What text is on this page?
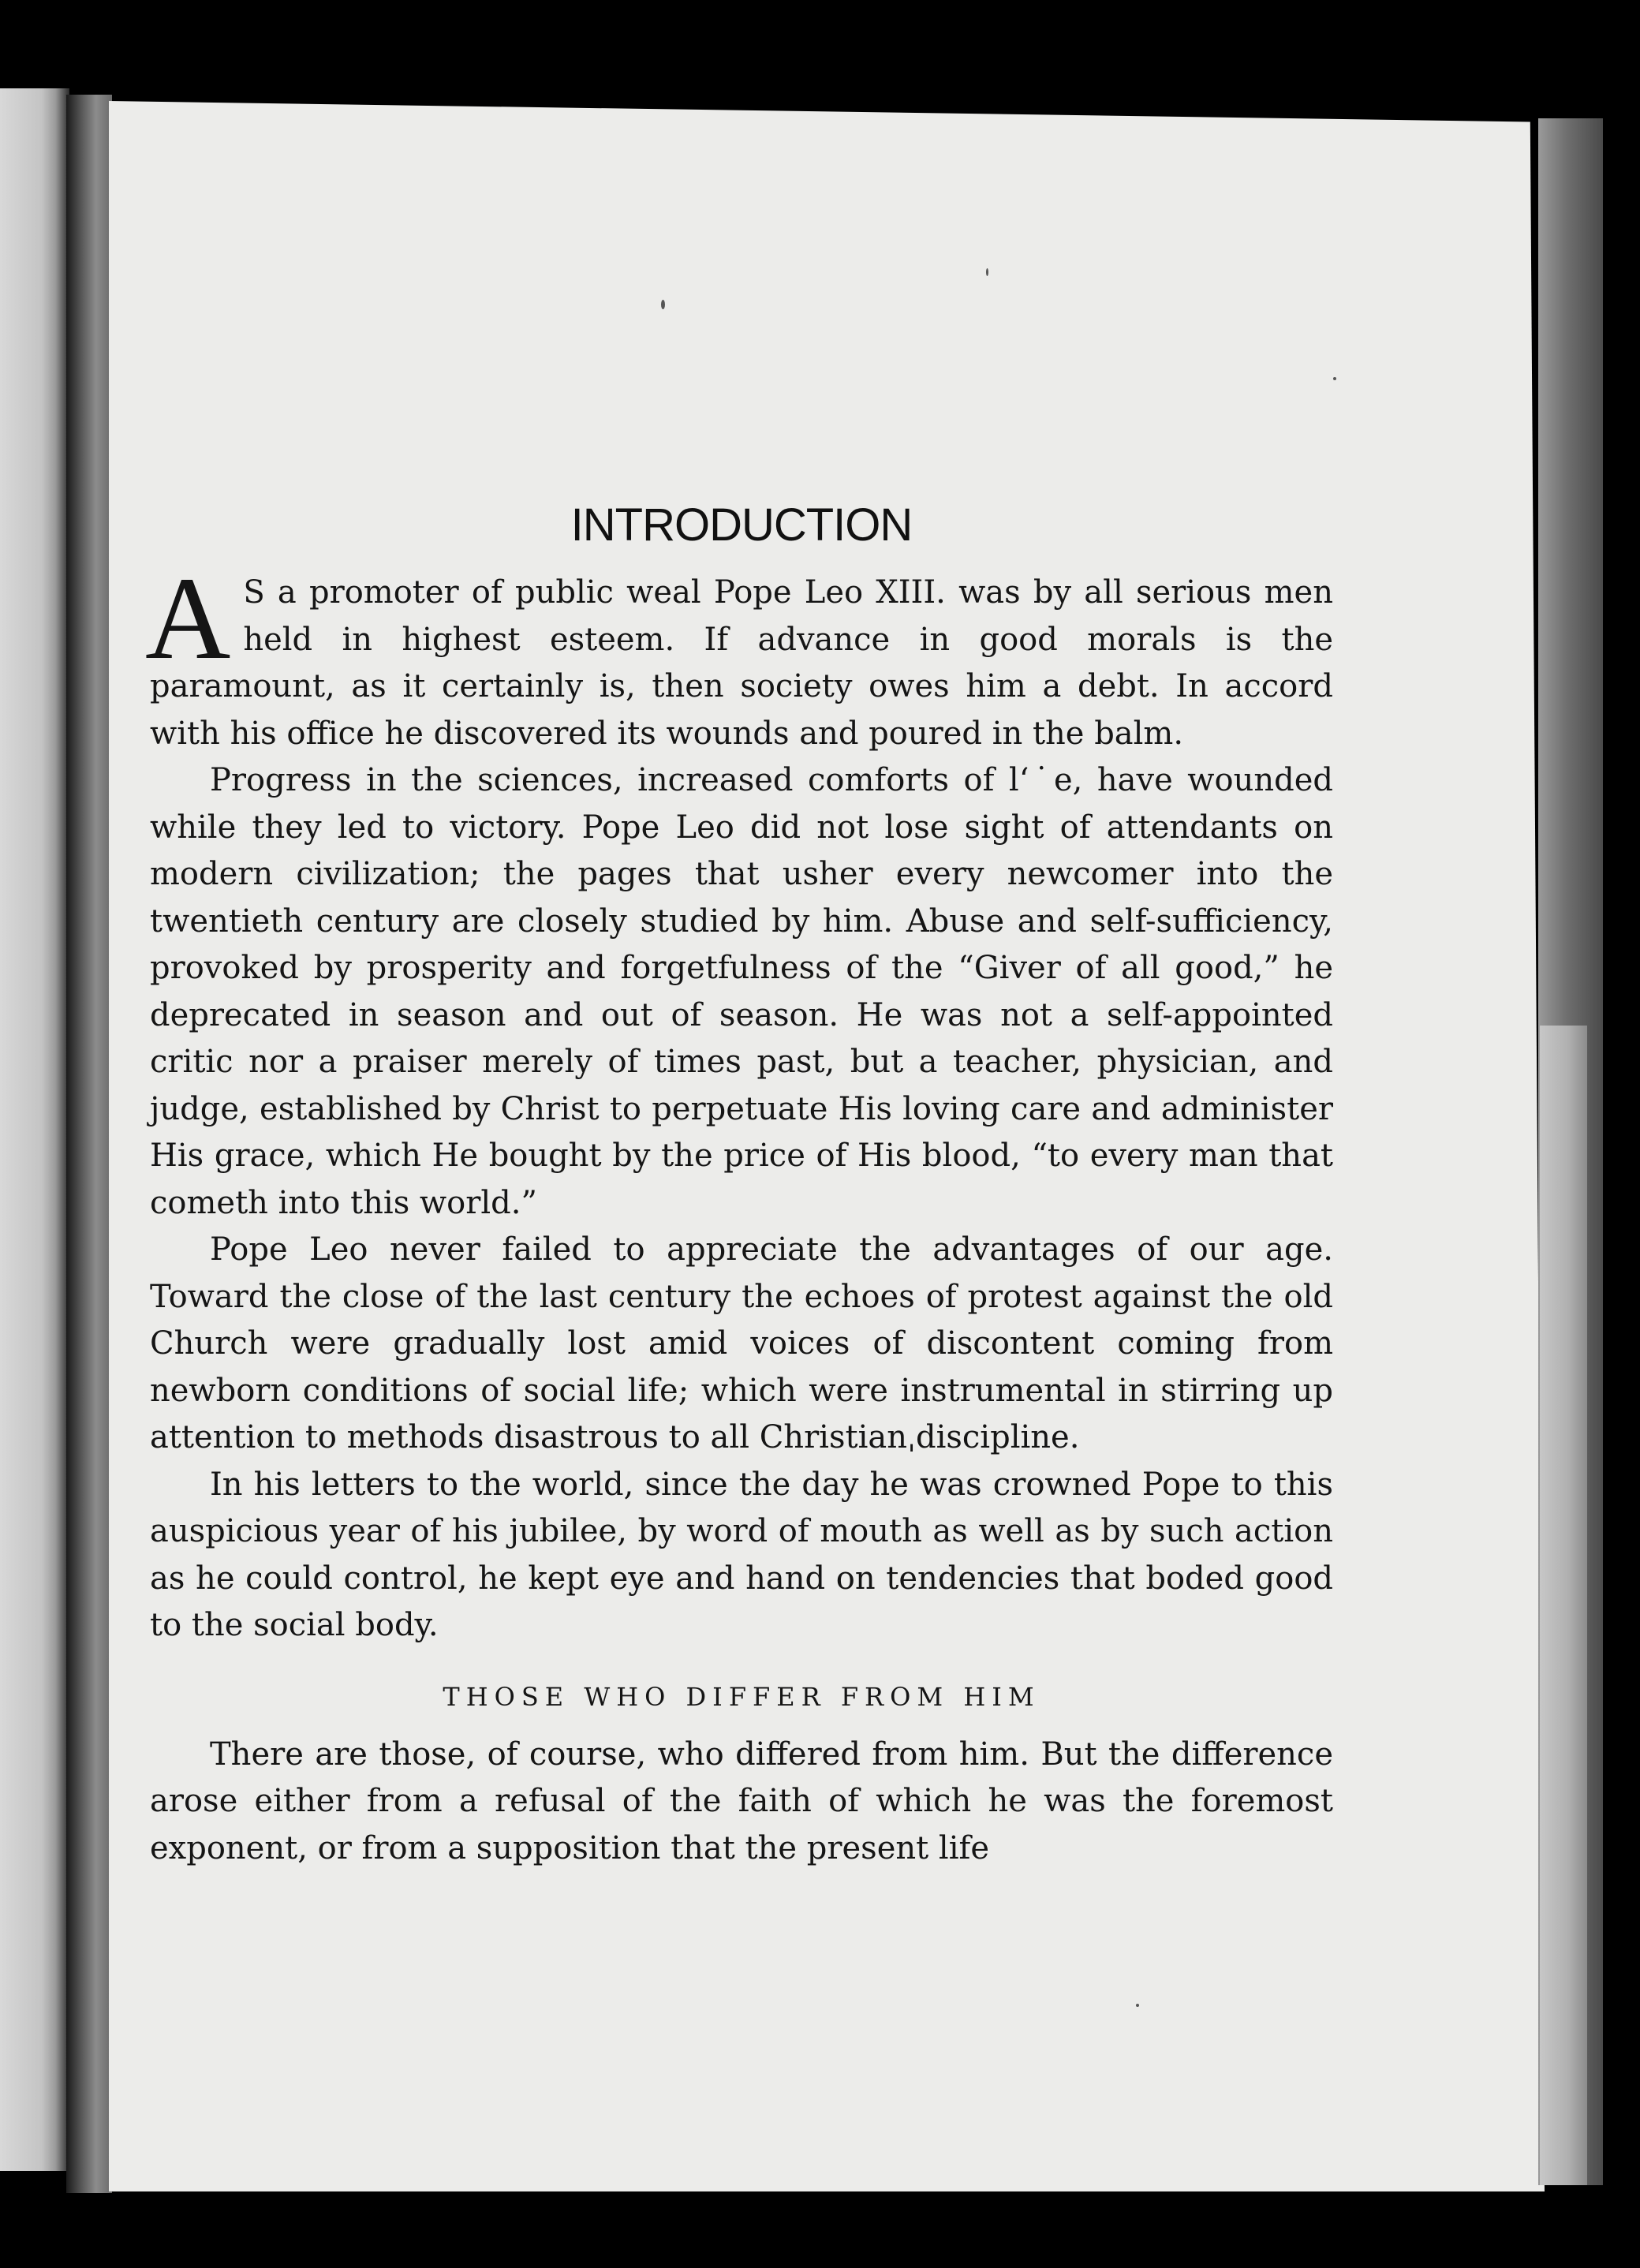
INTRODUCTION

A S a promoter of public weal Pope Leo XIII. was by all serious men held in highest esteem. If advance in good morals is the paramount, as it certainly is, then society owes him a debt. In accord with his office he discovered its wounds and poured in the balm.

Progress in the sciences, increased comforts of l‘˙e, have wounded while they led to victory. Pope Leo did not lose sight of attendants on modern civilization; the pages that usher every newcomer into the twentieth century are closely studied by him. Abuse and self-sufficiency, provoked by prosperity and forgetfulness of the “Giver of all good,” he deprecated in season and out of season. He was not a self-appointed critic nor a praiser merely of times past, but a teacher, physician, and judge, established by Christ to perpetuate His loving care and administer His grace, which He bought by the price of His blood, “to every man that cometh into this world.”

Pope Leo never failed to appreciate the advantages of our age. Toward the close of the last century the echoes of protest against the old Church were gradually lost amid voices of discontent coming from newborn conditions of social life; which were instrumental in stirring up attention to methods disastrous to all Christianˌdiscipline.

In his letters to the world, since the day he was crowned Pope to this auspicious year of his jubilee, by word of mouth as well as by such action as he could control, he kept eye and hand on tendencies that boded good to the social body.

THOSE WHO DIFFER FROM HIM

There are those, of course, who differed from him. But the difference arose either from a refusal of the faith of which he was the foremost exponent, or from a supposition that the present life
